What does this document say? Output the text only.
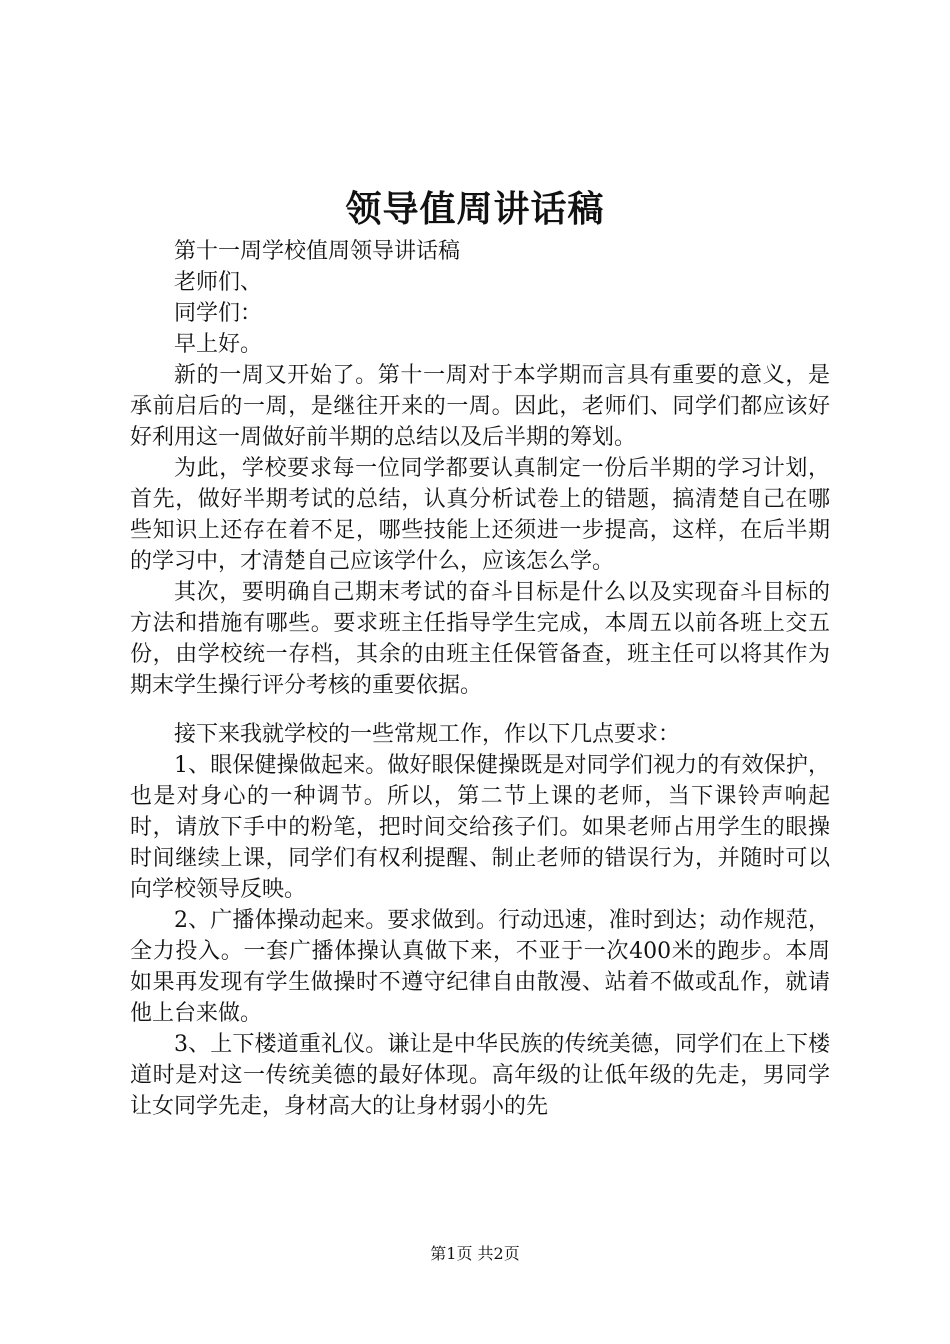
领导值周讲话稿

第十一周学校值周领导讲话稿

老师们、

同学们：

早上好。

新的一周又开始了。第十一周对于本学期而言具有重要的意义，是承前启后的一周，是继往开来的一周。因此，老师们、同学们都应该好好利用这一周做好前半期的总结以及后半期的筹划。

为此，学校要求每一位同学都要认真制定一份后半期的学习计划，首先，做好半期考试的总结，认真分析试卷上的错题，搞清楚自己在哪些知识上还存在着不足，哪些技能上还须进一步提高，这样，在后半期的学习中，才清楚自己应该学什么，应该怎么学。

其次，要明确自己期末考试的奋斗目标是什么以及实现奋斗目标的方法和措施有哪些。要求班主任指导学生完成，本周五以前各班上交五份，由学校统一存档，其余的由班主任保管备查，班主任可以将其作为期末学生操行评分考核的重要依据。

接下来我就学校的一些常规工作，作以下几点要求：

1、眼保健操做起来。做好眼保健操既是对同学们视力的有效保护，也是对身心的一种调节。所以，第二节上课的老师，当下课铃声响起时，请放下手中的粉笔，把时间交给孩子们。如果老师占用学生的眼操时间继续上课，同学们有权利提醒、制止老师的错误行为，并随时可以向学校领导反映。

2、广播体操动起来。要求做到。行动迅速，准时到达；动作规范，全力投入。一套广播体操认真做下来，不亚于一次400米的跑步。本周如果再发现有学生做操时不遵守纪律自由散漫、站着不做或乱作，就请他上台来做。

3、上下楼道重礼仪。谦让是中华民族的传统美德，同学们在上下楼道时是对这一传统美德的最好体现。高年级的让低年级的先走，男同学让女同学先走，身材高大的让身材弱小的先

第1页 共2页
